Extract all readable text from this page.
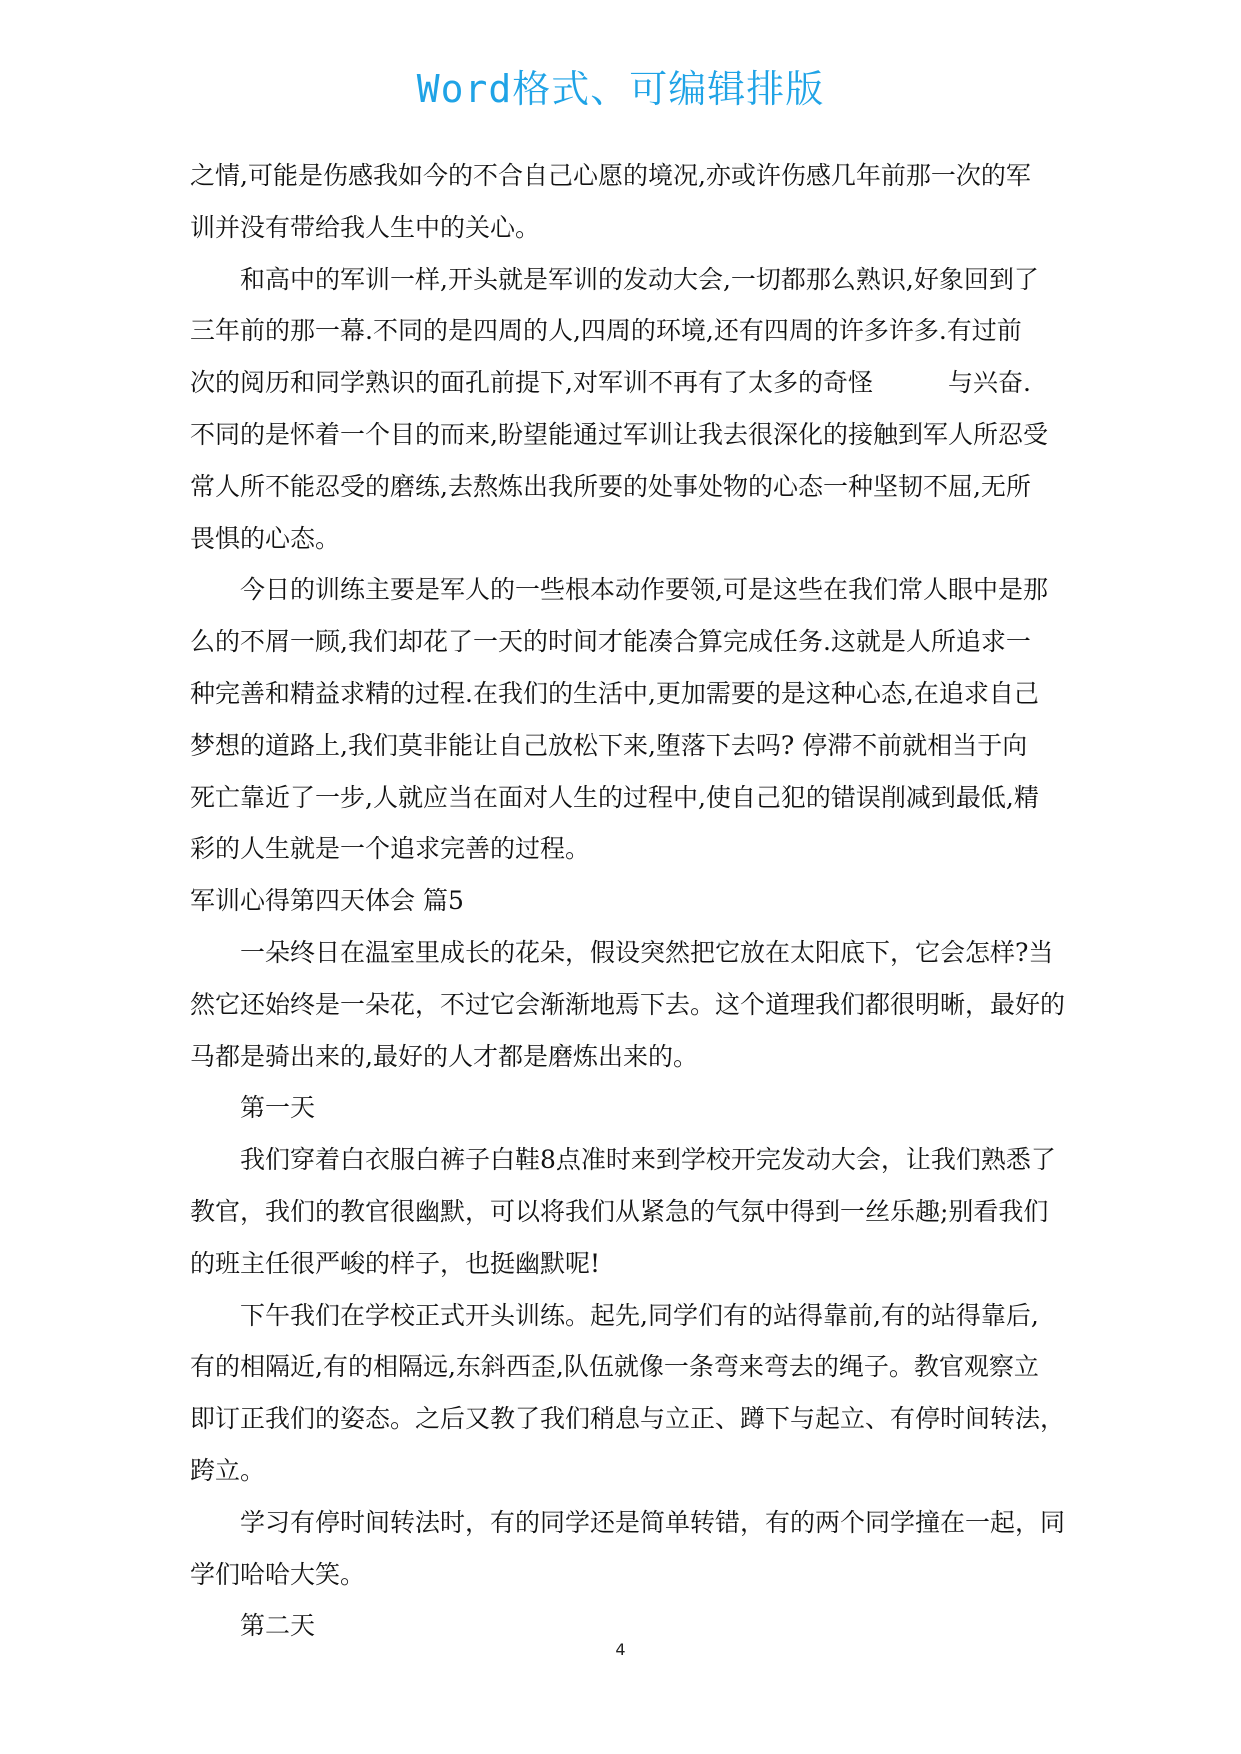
Word格式、可编辑排版
之情,可能是伤感我如今的不合自己心愿的境况,亦或许伤感几年前那一次的军
训并没有带给我人生中的关心。
和高中的军训一样,开头就是军训的发动大会,一切都那么熟识,好象回到了
三年前的那一幕.不同的是四周的人,四周的环境,还有四周的许多许多.有过前
次的阅历和同学熟识的面孔前提下,对军训不再有了太多的奇怪　　　与兴奋.
不同的是怀着一个目的而来,盼望能通过军训让我去很深化的接触到军人所忍受
常人所不能忍受的磨练,去熬炼出我所要的处事处物的心态一种坚韧不屈,无所
畏惧的心态。
今日的训练主要是军人的一些根本动作要领,可是这些在我们常人眼中是那
么的不屑一顾,我们却花了一天的时间才能凑合算完成任务.这就是人所追求一
种完善和精益求精的过程.在我们的生活中,更加需要的是这种心态,在追求自己
梦想的道路上,我们莫非能让自己放松下来,堕落下去吗? 停滞不前就相当于向
死亡靠近了一步,人就应当在面对人生的过程中,使自己犯的错误削减到最低,精
彩的人生就是一个追求完善的过程。
军训心得第四天体会 篇5
一朵终日在温室里成长的花朵，假设突然把它放在太阳底下，它会怎样?当
然它还始终是一朵花，不过它会渐渐地焉下去。这个道理我们都很明晰，最好的
马都是骑出来的,最好的人才都是磨炼出来的。
第一天
我们穿着白衣服白裤子白鞋8点准时来到学校开完发动大会，让我们熟悉了
教官，我们的教官很幽默，可以将我们从紧急的气氛中得到一丝乐趣;别看我们
的班主任很严峻的样子，也挺幽默呢!
下午我们在学校正式开头训练。起先,同学们有的站得靠前,有的站得靠后,
有的相隔近,有的相隔远,东斜西歪,队伍就像一条弯来弯去的绳子。教官观察立
即订正我们的姿态。之后又教了我们稍息与立正、蹲下与起立、有停时间转法，
跨立。
学习有停时间转法时，有的同学还是简单转错，有的两个同学撞在一起，同
学们哈哈大笑。
第二天
4
